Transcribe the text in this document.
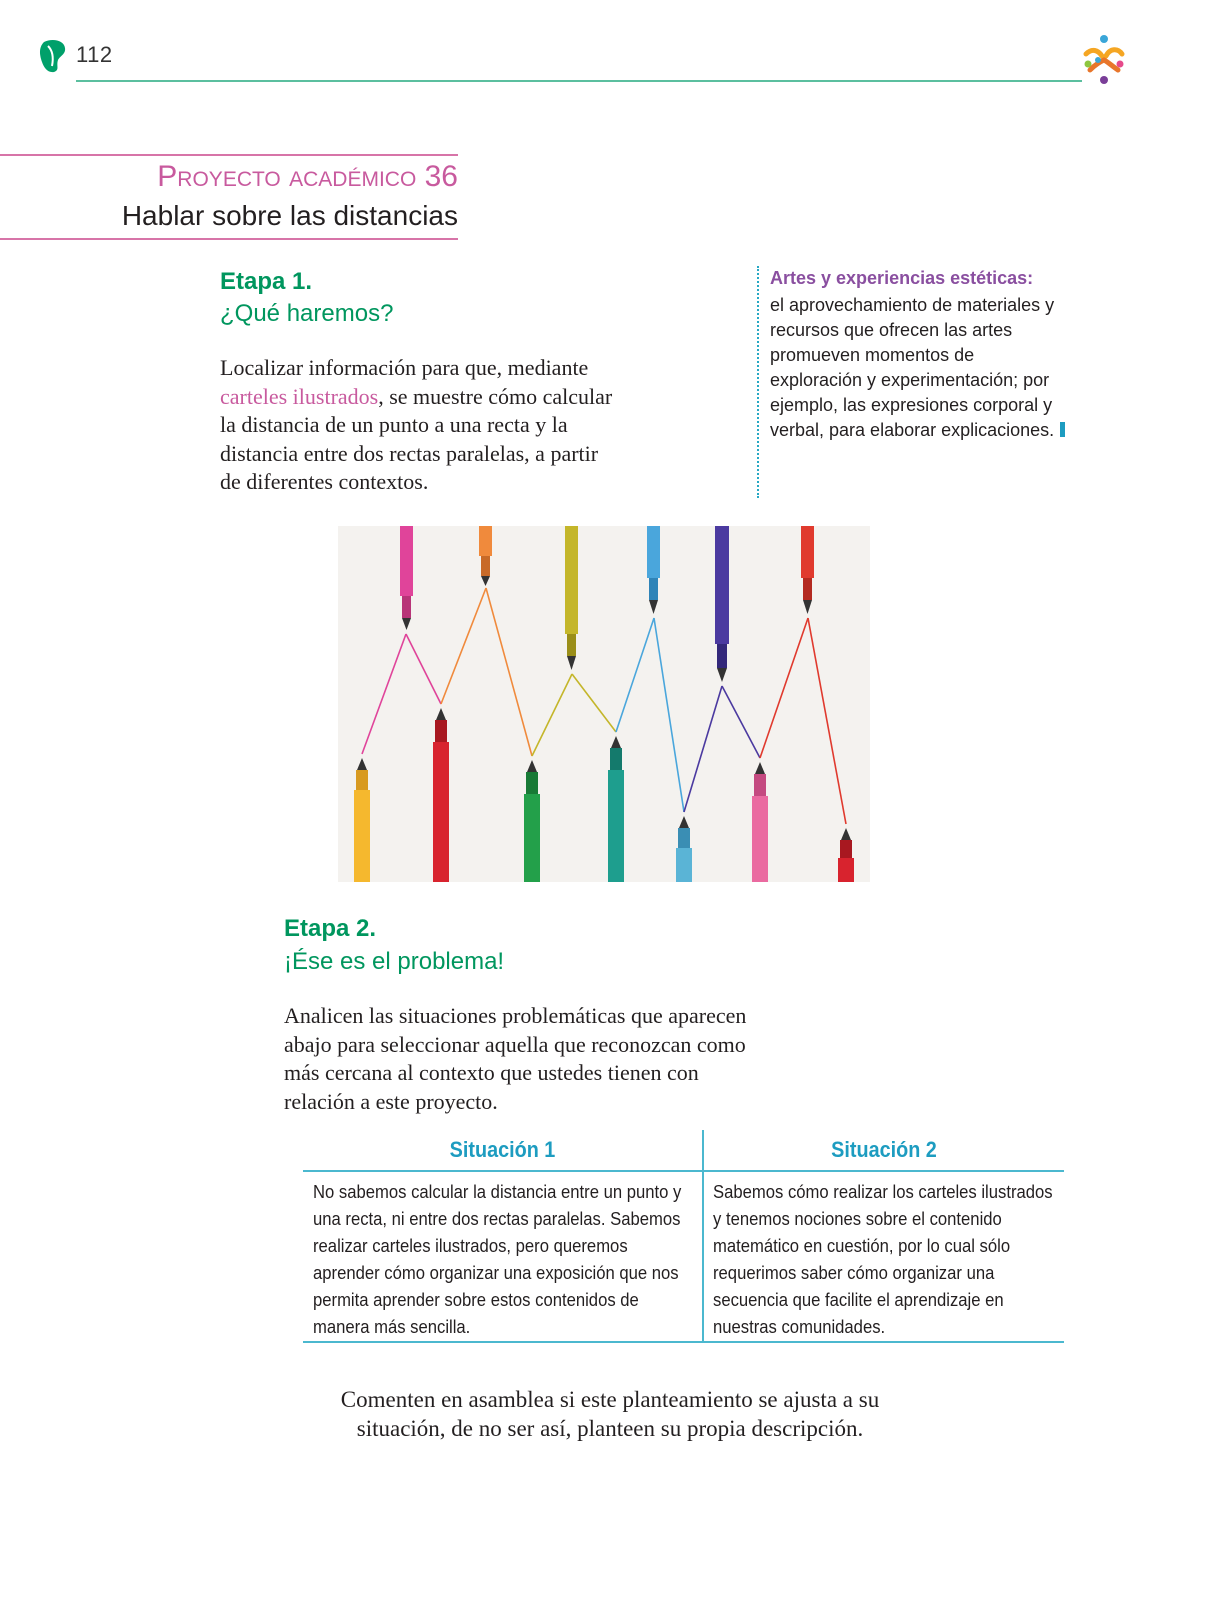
112
Proyecto académico 36
Hablar sobre las distancias
Etapa 1.
¿Qué haremos?
Localizar información para que, mediante carteles ilustrados, se muestre cómo calcular la distancia de un punto a una recta y la distancia entre dos rectas paralelas, a partir de diferentes contextos.
Artes y experiencias estéticas:
el aprovechamiento de materiales y recursos que ofrecen las artes promueven momentos de exploración y experimentación; por ejemplo, las expresiones corporal y verbal, para elaborar explicaciones.
Etapa 2.
¡Ése es el problema!
Analicen las situaciones problemáticas que aparecen abajo para seleccionar aquella que reconozcan como más cercana al contexto que ustedes tienen con relación a este proyecto.
Situación 1	Situación 2
No sabemos calcular la distancia entre un punto y una recta, ni entre dos rectas paralelas. Sabemos realizar carteles ilustrados, pero queremos aprender cómo organizar una exposición que nos permita aprender sobre estos contenidos de manera más sencilla.
Sabemos cómo realizar los carteles ilustrados y tenemos nociones sobre el contenido matemático en cuestión, por lo cual sólo requerimos saber cómo organizar una secuencia que facilite el aprendizaje en nuestras comunidades.
Comenten en asamblea si este planteamiento se ajusta a su situación, de no ser así, planteen su propia descripción.
